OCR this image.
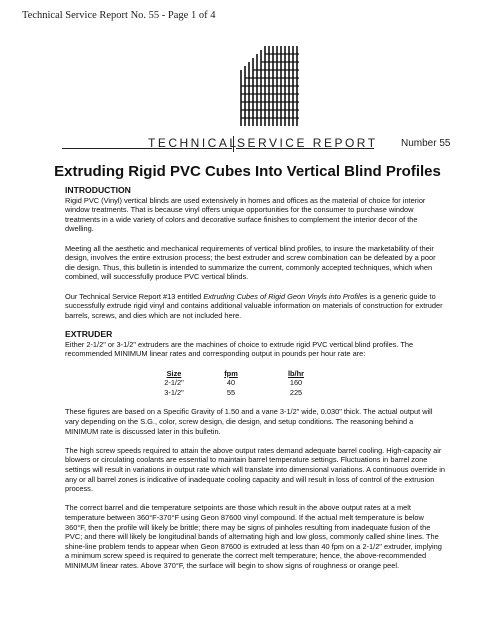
Technical Service Report No. 55 - Page 1 of 4
TECHNICAL
SERVICE REPORT Number 55
Extruding Rigid PVC Cubes Into Vertical Blind Profiles
INTRODUCTION

Rigid PVC (Vinyl) vertical blinds are used extensively in homes and offices as the material of choice for interior window treatments. That is because vinyl offers unique opportunities for the consumer to purchase window treatments in a wide variety of colors and decorative surface finishes to complement the interior decor of the dwelling.

Meeting all the aesthetic and mechanical requirements of vertical blind profiles, to insure the marketability of their design, involves the entire extrusion process; the best extruder and screw combination can be defeated by a poor die design. Thus, this bulletin is intended to summarize the current, commonly accepted techniques, which when combined, will successfully produce PVC vertical blinds.

Our Technical Service Report #13 entitled Extruding Cubes of Rigid Geon Vinyls into Profiles is a generic guide to successfully extrude rigid vinyl and contains additional valuable information on materials of construction for extruder barrels, screws, and dies which are not included here.

EXTRUDER

Either 2-1/2" or 3-1/2" extruders are the machines of choice to extrude rigid PVC vertical blind profiles. The recommended MINIMUM linear rates and corresponding output in pounds per hour rate are:

Size	fpm	lb/hr
2-1/2"	40	160
3-1/2"	55	225

These figures are based on a Specific Gravity of 1.50 and a vane 3-1/2" wide, 0.030" thick. The actual output will vary depending on the S.G., color, screw design, die design, and setup conditions. The reasoning behind a MINIMUM rate is discussed later in this bulletin.

The high screw speeds required to attain the above output rates demand adequate barrel cooling. High-capacity air blowers or circulating coolants are essential to maintain barrel temperature settings. Fluctuations in barrel zone settings will result in variations in output rate which will translate into dimensional variations. A continuous override in any or all barrel zones is indicative of inadequate cooling capacity and will result in loss of control of the extrusion process.

The correct barrel and die temperature setpoints are those which result in the above output rates at a melt temperature between 360°F-370°F using Geon 87600 vinyl compound. If the actual melt temperature is below 360°F, then the profile will likely be brittle; there may be signs of pinholes resulting from inadequate fusion of the PVC; and there will likely be longitudinal bands of alternating high and low gloss, commonly called shine lines. The shine-line problem tends to appear when Geon 87600 is extruded at less than 40 fpm on a 2-1/2" extruder, implying a minimum screw speed is required to generate the correct melt temperature; hence, the above-recommended MINIMUM linear rates. Above 370°F, the surface will begin to show signs of roughness or orange peel.
